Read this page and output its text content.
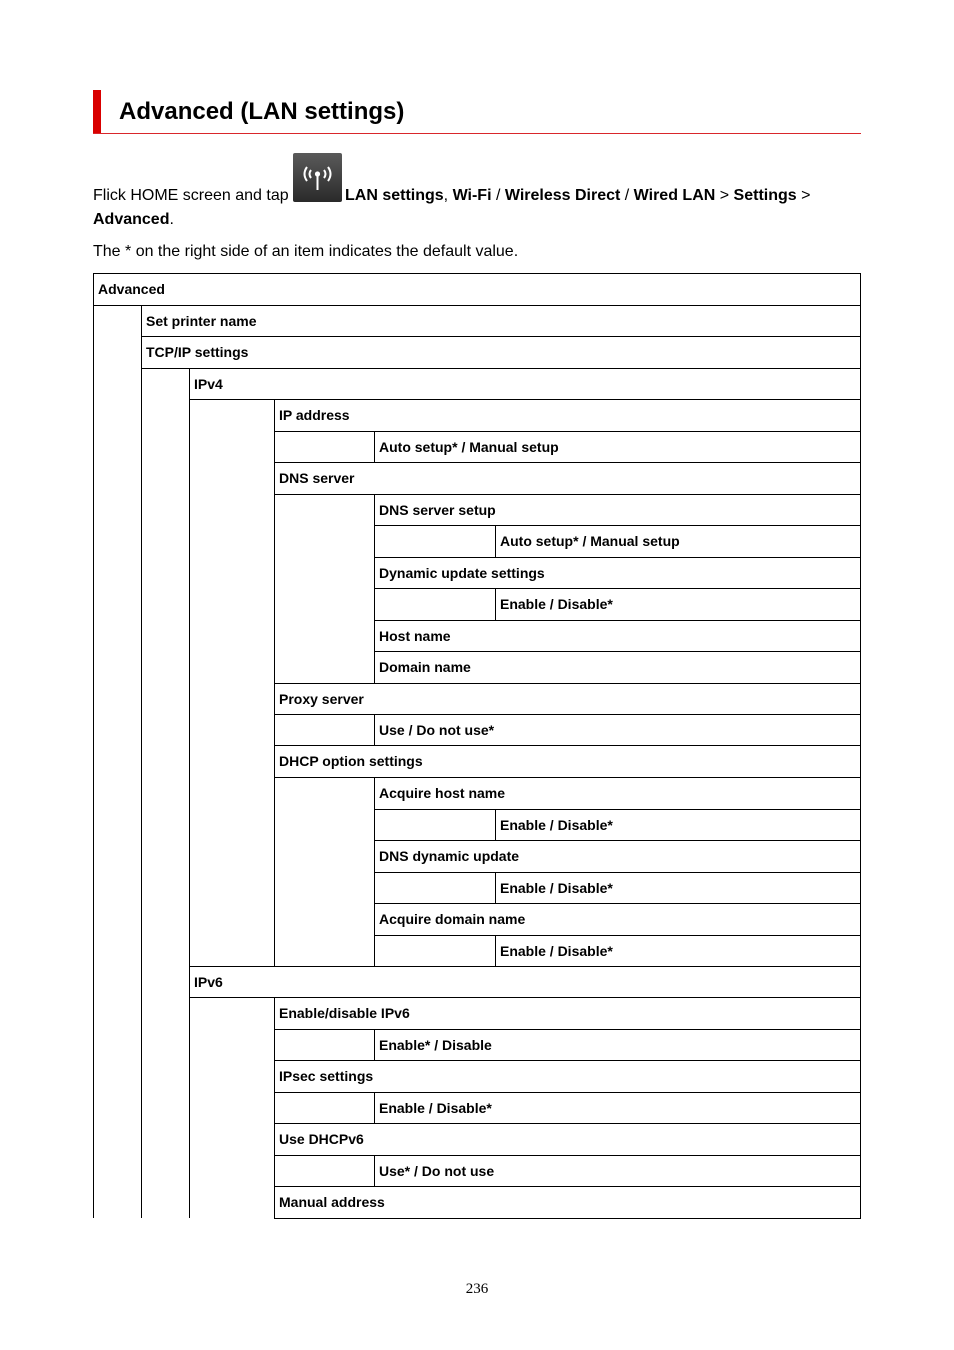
Advanced (LAN settings)
Flick HOME screen and tap	LAN settings, Wi-Fi / Wireless Direct / Wired LAN > Settings >
Advanced.
The * on the right side of an item indicates the default value.
Advanced
Set printer name
TCP/IP settings
IPv4
IP address
Auto setup* / Manual setup
DNS server
DNS server setup
Auto setup* / Manual setup
Dynamic update settings
Enable / Disable*
Host name
Domain name
Proxy server
Use / Do not use*
DHCP option settings
Acquire host name
Enable / Disable*
DNS dynamic update
Enable / Disable*
Acquire domain name
Enable / Disable*
IPv6
Enable/disable IPv6
Enable* / Disable
IPsec settings
Enable / Disable*
Use DHCPv6
Use* / Do not use
Manual address
236
